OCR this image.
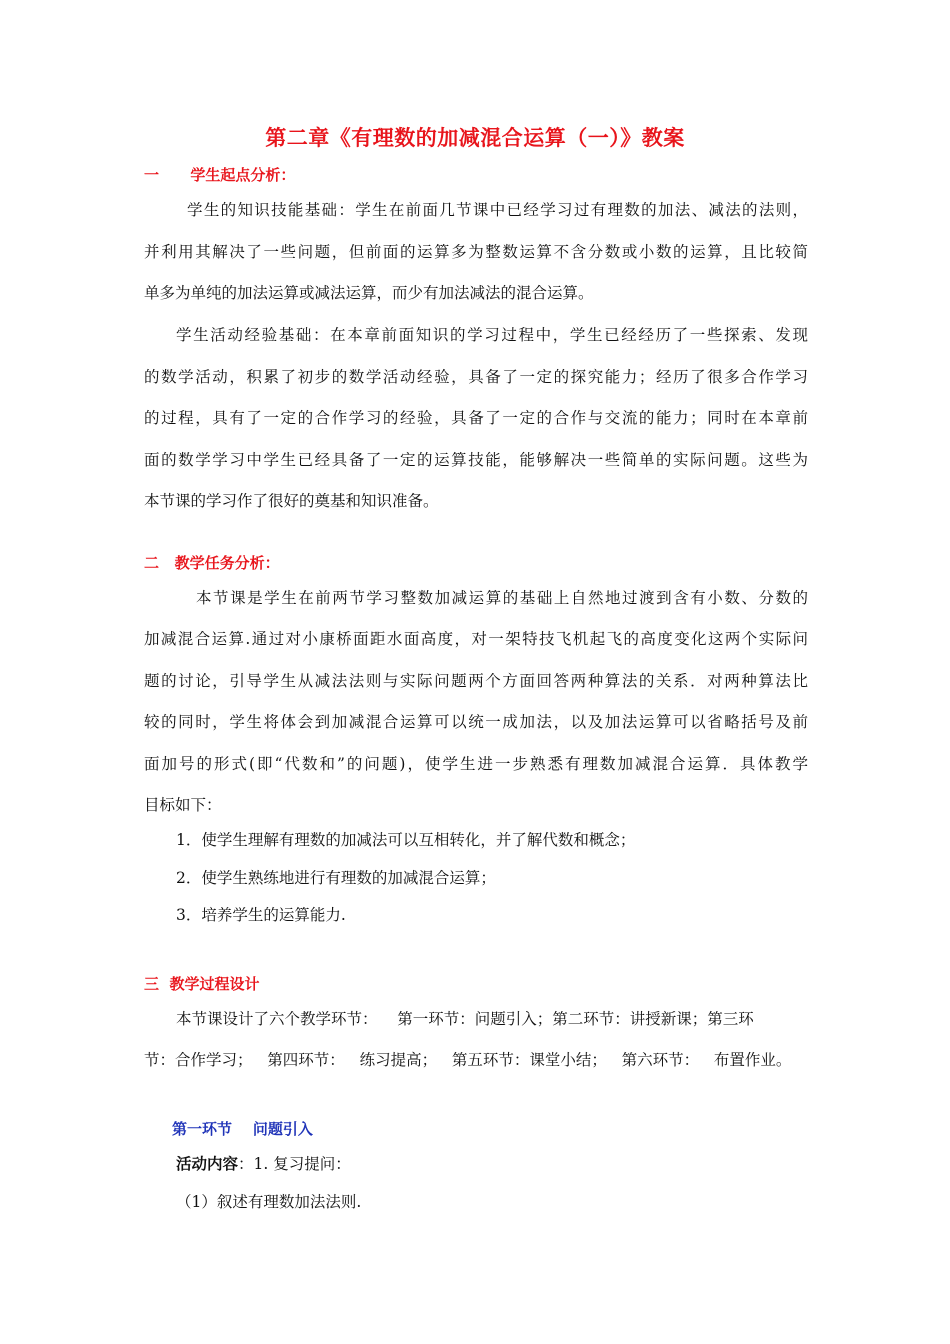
第二章《有理数的加减混合运算（一）》教案
一      学生起点分析：
学生的知识技能基础：学生在前面几节课中已经学习过有理数的加法、减法的法则，
并利用其解决了一些问题，但前面的运算多为整数运算不含分数或小数的运算，且比较简
单多为单纯的加法运算或减法运算，而少有加法减法的混合运算。
学生活动经验基础：在本章前面知识的学习过程中，学生已经经历了一些探索、发现
的数学活动，积累了初步的数学活动经验，具备了一定的探究能力；经历了很多合作学习
的过程，具有了一定的合作学习的经验，具备了一定的合作与交流的能力；同时在本章前
面的数学学习中学生已经具备了一定的运算技能，能够解决一些简单的实际问题。这些为
本节课的学习作了很好的奠基和知识准备。
二   教学任务分析：
本节课是学生在前两节学习整数加减运算的基础上自然地过渡到含有小数、分数的
加减混合运算.通过对小康桥面距水面高度，对一架特技飞机起飞的高度变化这两个实际问
题的讨论，引导学生从减法法则与实际问题两个方面回答两种算法的关系．对两种算法比
较的同时，学生将体会到加减混合运算可以统一成加法，以及加法运算可以省略括号及前
面加号的形式(即“代数和”的问题)，使学生进一步熟悉有理数加减混合运算．具体教学
目标如下：
1．使学生理解有理数的加减法可以互相转化，并了解代数和概念；
2．使学生熟练地进行有理数的加减混合运算；
3．培养学生的运算能力.
三  教学过程设计
本节课设计了六个教学环节：    第一环节：问题引入；第二环节：讲授新课；第三环
节：合作学习；   第四环节：   练习提高；   第五环节：课堂小结；   第六环节：   布置作业。
第一环节    问题引入
活动内容：1. 复习提问：
（1）叙述有理数加法法则.
